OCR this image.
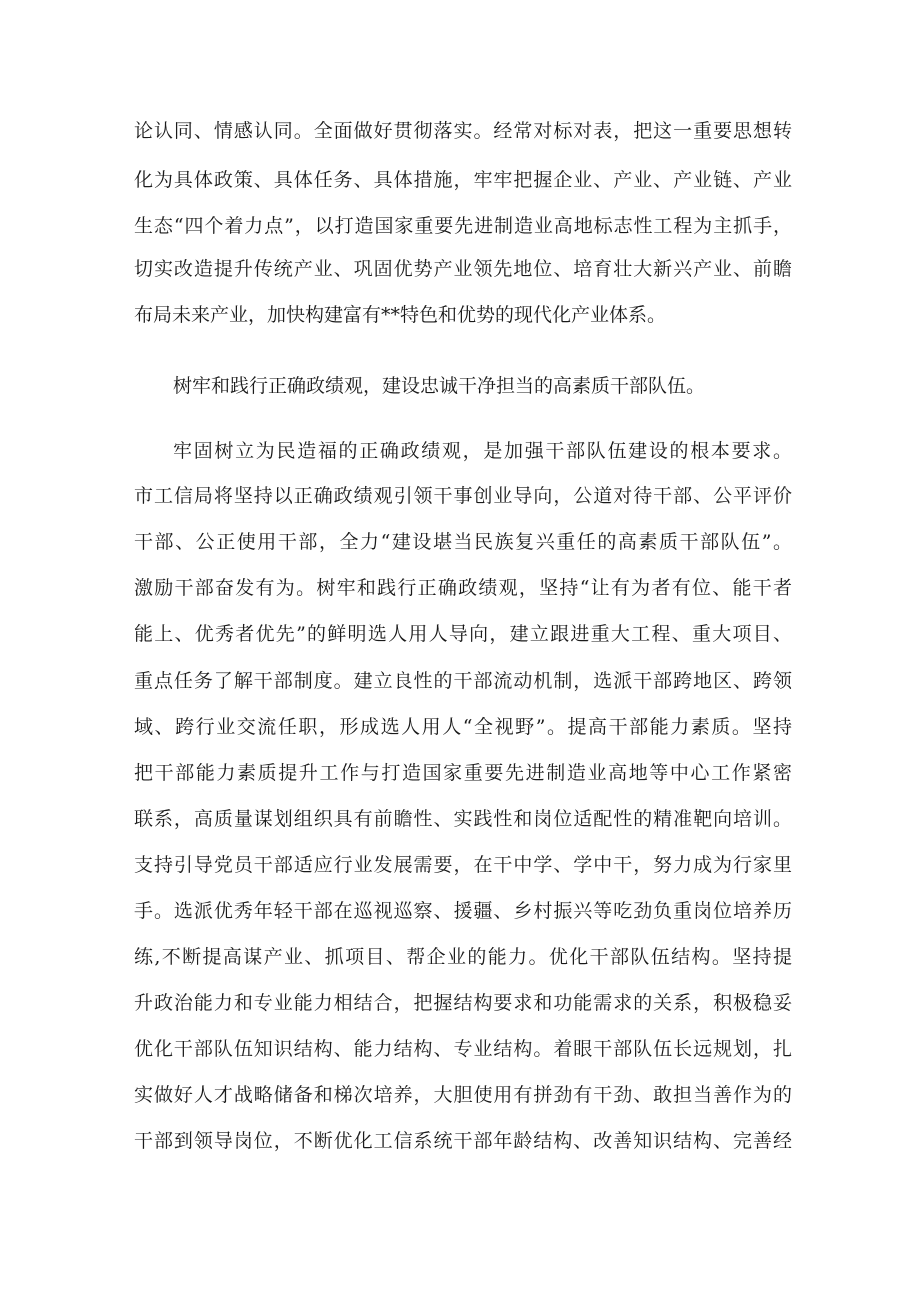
论认同、情感认同。全面做好贯彻落实。经常对标对表，把这一重要思想转
化为具体政策、具体任务、具体措施，牢牢把握企业、产业、产业链、产业
生态“四个着力点”，以打造国家重要先进制造业高地标志性工程为主抓手，
切实改造提升传统产业、巩固优势产业领先地位、培育壮大新兴产业、前瞻
布局未来产业，加快构建富有**特色和优势的现代化产业体系。
树牢和践行正确政绩观，建设忠诚干净担当的高素质干部队伍。
牢固树立为民造福的正确政绩观，是加强干部队伍建设的根本要求。
市工信局将坚持以正确政绩观引领干事创业导向，公道对待干部、公平评价
干部、公正使用干部，全力“建设堪当民族复兴重任的高素质干部队伍”。
激励干部奋发有为。树牢和践行正确政绩观，坚持“让有为者有位、能干者
能上、优秀者优先”的鲜明选人用人导向，建立跟进重大工程、重大项目、
重点任务了解干部制度。建立良性的干部流动机制，选派干部跨地区、跨领
域、跨行业交流任职，形成选人用人“全视野”。提高干部能力素质。坚持
把干部能力素质提升工作与打造国家重要先进制造业高地等中心工作紧密
联系，高质量谋划组织具有前瞻性、实践性和岗位适配性的精准靶向培训。
支持引导党员干部适应行业发展需要，在干中学、学中干，努力成为行家里
手。选派优秀年轻干部在巡视巡察、援疆、乡村振兴等吃劲负重岗位培养历
练,不断提高谋产业、抓项目、帮企业的能力。优化干部队伍结构。坚持提
升政治能力和专业能力相结合，把握结构要求和功能需求的关系，积极稳妥
优化干部队伍知识结构、能力结构、专业结构。着眼干部队伍长远规划，扎
实做好人才战略储备和梯次培养，大胆使用有拼劲有干劲、敢担当善作为的
干部到领导岗位，不断优化工信系统干部年龄结构、改善知识结构、完善经
